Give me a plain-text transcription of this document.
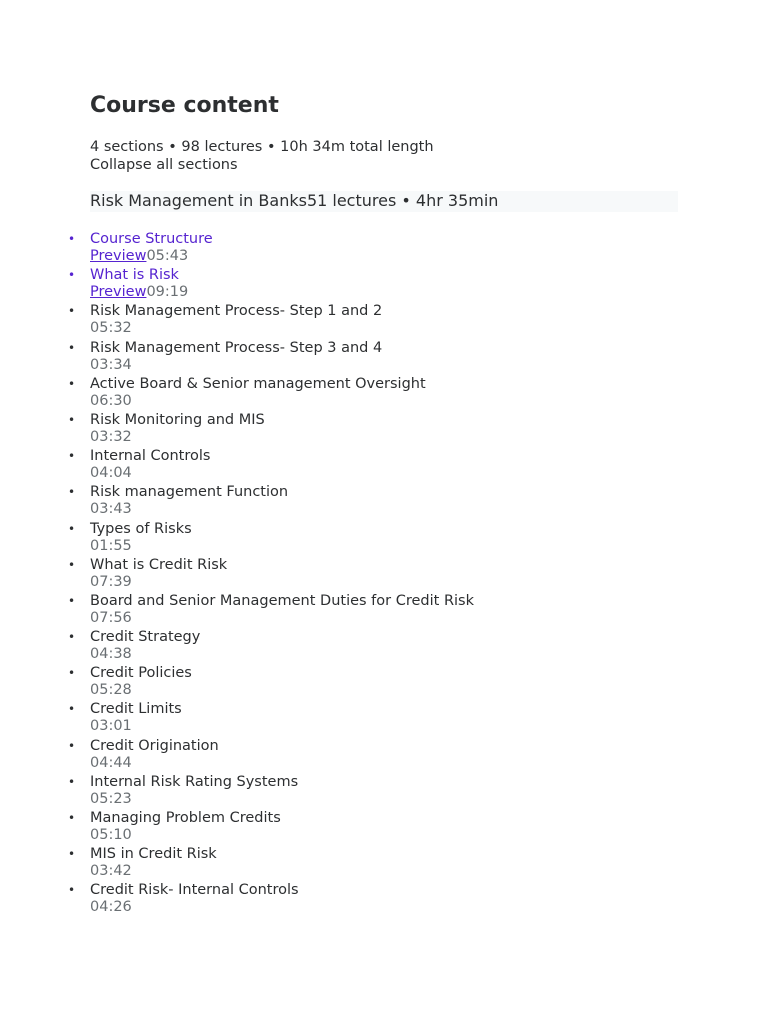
Course content
4 sections • 98 lectures • 10h 34m total length
Collapse all sections
Risk Management in Banks51 lectures • 4hr 35min
• Course Structure
Preview05:43
• What is Risk
Preview09:19
• Risk Management Process- Step 1 and 2
05:32
• Risk Management Process- Step 3 and 4
03:34
• Active Board & Senior management Oversight
06:30
• Risk Monitoring and MIS
03:32
• Internal Controls
04:04
• Risk management Function
03:43
• Types of Risks
01:55
• What is Credit Risk
07:39
• Board and Senior Management Duties for Credit Risk
07:56
• Credit Strategy
04:38
• Credit Policies
05:28
• Credit Limits
03:01
• Credit Origination
04:44
• Internal Risk Rating Systems
05:23
• Managing Problem Credits
05:10
• MIS in Credit Risk
03:42
• Credit Risk- Internal Controls
04:26
